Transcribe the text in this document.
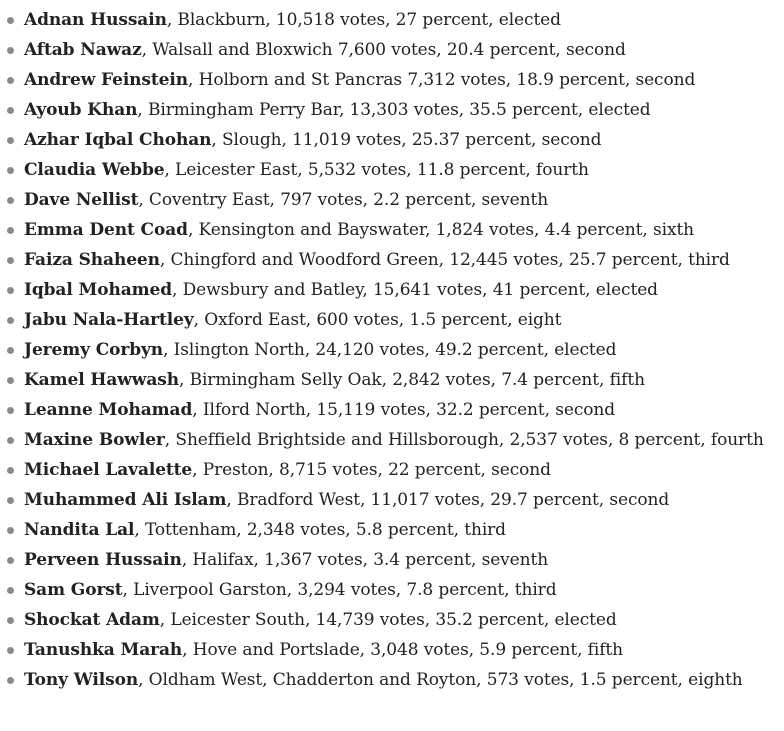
Adnan Hussain, Blackburn, 10,518 votes, 27 percent, elected
Aftab Nawaz, Walsall and Bloxwich 7,600 votes, 20.4 percent, second
Andrew Feinstein, Holborn and St Pancras 7,312 votes, 18.9 percent, second
Ayoub Khan, Birmingham Perry Bar, 13,303 votes, 35.5 percent, elected
Azhar Iqbal Chohan, Slough, 11,019 votes, 25.37 percent, second
Claudia Webbe, Leicester East, 5,532 votes, 11.8 percent, fourth
Dave Nellist, Coventry East, 797 votes, 2.2 percent, seventh
Emma Dent Coad, Kensington and Bayswater, 1,824 votes, 4.4 percent, sixth
Faiza Shaheen, Chingford and Woodford Green, 12,445 votes, 25.7 percent, third
Iqbal Mohamed, Dewsbury and Batley, 15,641 votes, 41 percent, elected
Jabu Nala-Hartley, Oxford East, 600 votes, 1.5 percent, eight
Jeremy Corbyn, Islington North, 24,120 votes, 49.2 percent, elected
Kamel Hawwash, Birmingham Selly Oak, 2,842 votes, 7.4 percent, fifth
Leanne Mohamad, Ilford North, 15,119 votes, 32.2 percent, second
Maxine Bowler, Sheffield Brightside and Hillsborough, 2,537 votes, 8 percent, fourth
Michael Lavalette, Preston, 8,715 votes, 22 percent, second
Muhammed Ali Islam, Bradford West, 11,017 votes, 29.7 percent, second
Nandita Lal, Tottenham, 2,348 votes, 5.8 percent, third
Perveen Hussain, Halifax, 1,367 votes, 3.4 percent, seventh
Sam Gorst, Liverpool Garston, 3,294 votes, 7.8 percent, third
Shockat Adam, Leicester South, 14,739 votes, 35.2 percent, elected
Tanushka Marah, Hove and Portslade, 3,048 votes, 5.9 percent, fifth
Tony Wilson, Oldham West, Chadderton and Royton, 573 votes, 1.5 percent, eighth
